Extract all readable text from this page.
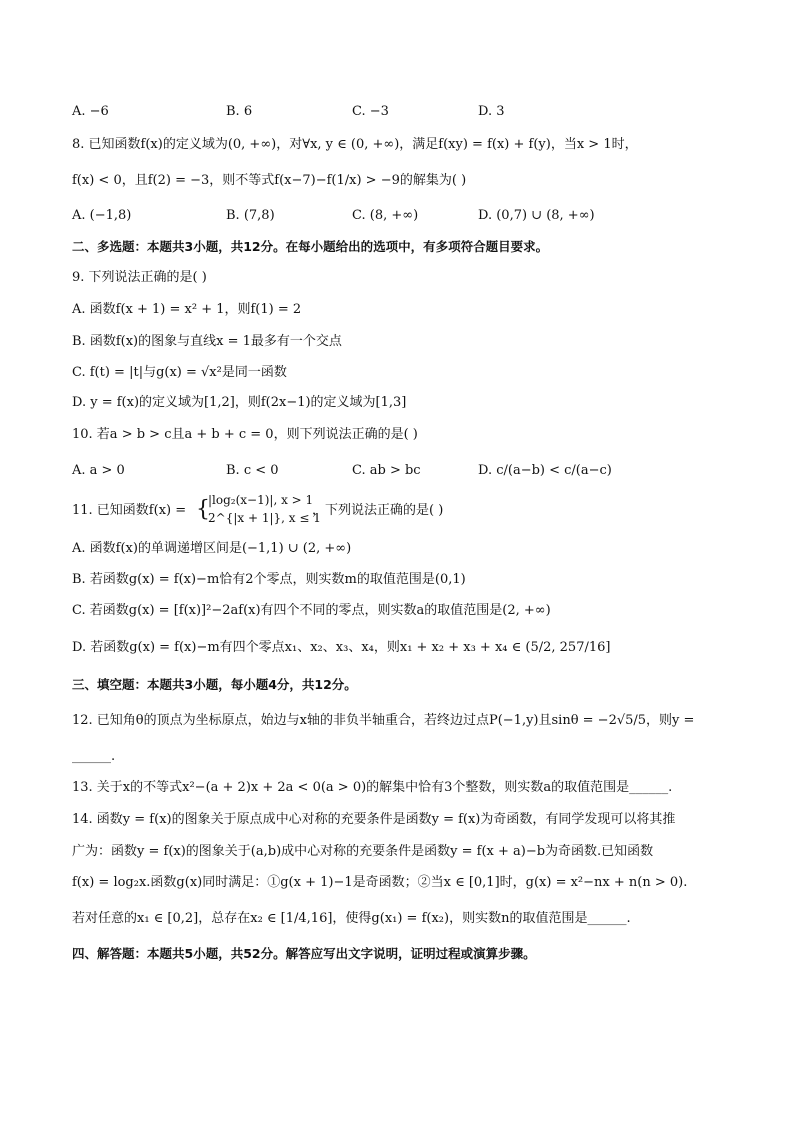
A. −6	B. 6	C. −3	D. 3
8. 已知函数f(x)的定义域为(0, +∞)，对∀x, y ∈ (0, +∞)，满足f(xy) = f(x) + f(y)，当x > 1时，
f(x) < 0，且f(2) = −3，则不等式f(x−7)−f(1/x) > −9的解集为( )
A. (−1,8)	B. (7,8)	C. (8, +∞)	D. (0,7) ∪ (8, +∞)
二、多选题：本题共3小题，共12分。在每小题给出的选项中，有多项符合题目要求。
9. 下列说法正确的是( )
A. 函数f(x + 1) = x² + 1，则f(1) = 2
B. 函数f(x)的图象与直线x = 1最多有一个交点
C. f(t) = |t|与g(x) = √x²是同一函数
D. y = f(x)的定义域为[1,2]，则f(2x−1)的定义域为[1,3]
10. 若a > b > c且a + b + c = 0，则下列说法正确的是( )
A. a > 0	B. c < 0	C. ab > bc	D. c/(a−b) < c/(a−c)
11. 已知函数f(x) = {
|log₂(x−1)|, x > 1
2^{|x + 1|}, x ≤ 1
，下列说法正确的是( )
A. 函数f(x)的单调递增区间是(−1,1) ∪ (2, +∞)
B. 若函数g(x) = f(x)−m恰有2个零点，则实数m的取值范围是(0,1)
C. 若函数g(x) = [f(x)]²−2af(x)有四个不同的零点，则实数a的取值范围是(2, +∞)
D. 若函数g(x) = f(x)−m有四个零点x₁、x₂、x₃、x₄，则x₁ + x₂ + x₃ + x₄ ∈ (5/2, 257/16]
三、填空题：本题共3小题，每小题4分，共12分。
12. 已知角θ的顶点为坐标原点，始边与x轴的非负半轴重合，若终边过点P(−1,y)且sinθ = −2√5/5，则y =
______.
13. 关于x的不等式x²−(a + 2)x + 2a < 0(a > 0)的解集中恰有3个整数，则实数a的取值范围是______.
14. 函数y = f(x)的图象关于原点成中心对称的充要条件是函数y = f(x)为奇函数，有同学发现可以将其推
广为：函数y = f(x)的图象关于(a,b)成中心对称的充要条件是函数y = f(x + a)−b为奇函数.已知函数
f(x) = log₂x.函数g(x)同时满足：①g(x + 1)−1是奇函数；②当x ∈ [0,1]时，g(x) = x²−nx + n(n > 0).
若对任意的x₁ ∈ [0,2]，总存在x₂ ∈ [1/4,16]，使得g(x₁) = f(x₂)，则实数n的取值范围是______.
四、解答题：本题共5小题，共52分。解答应写出文字说明，证明过程或演算步骤。
